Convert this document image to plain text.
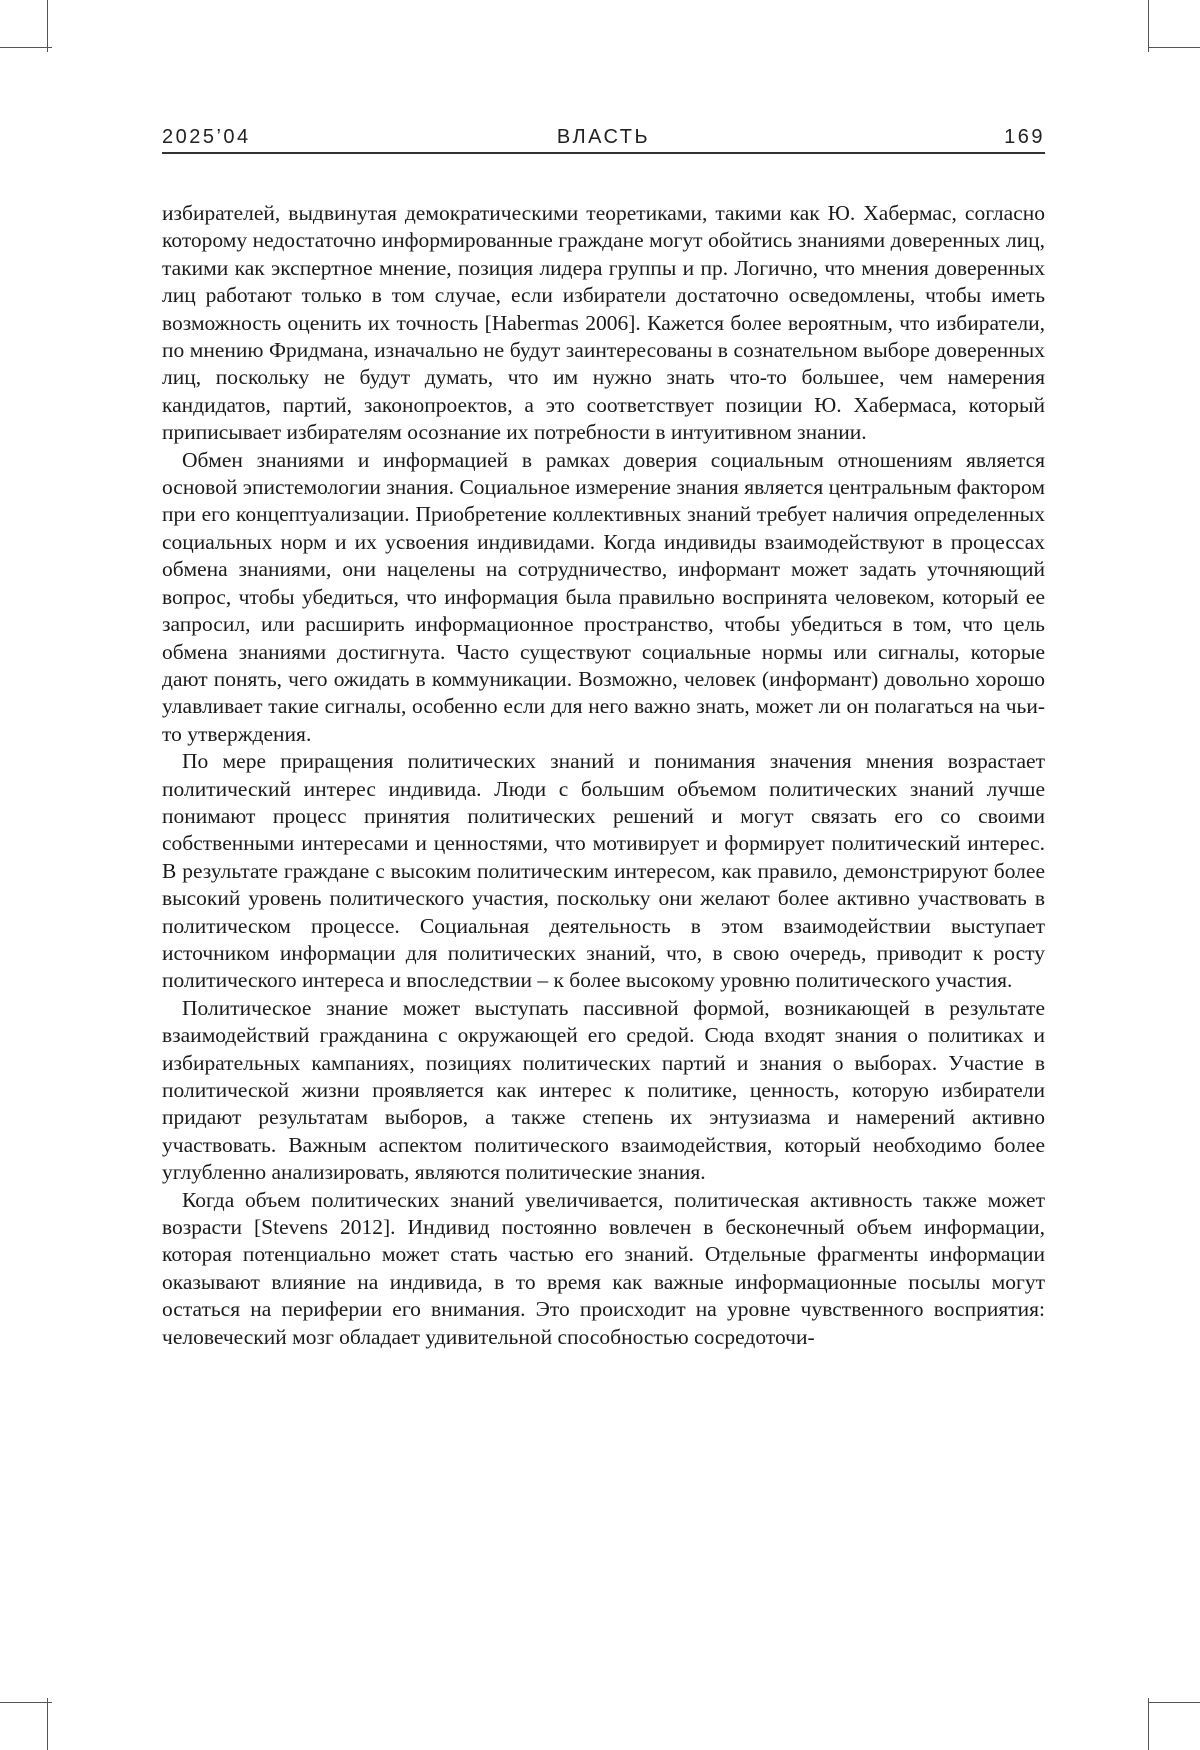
2025’04	ВЛАСТЬ	169

избирателей, выдвинутая демократическими теоретиками, такими как Ю. Хабермас, согласно которому недостаточно информированные граждане могут обойтись знаниями доверенных лиц, такими как экспертное мнение, позиция лидера группы и пр. Логично, что мнения доверенных лиц работают только в том случае, если избиратели достаточно осведомлены, чтобы иметь возможность оценить их точность [Habermas 2006]. Кажется более вероятным, что избиратели, по мнению Фридмана, изначально не будут заинтересованы в сознательном выборе доверенных лиц, поскольку не будут думать, что им нужно знать что-то большее, чем намерения кандидатов, партий, законопроектов, а это соответствует позиции Ю. Хабермаса, который приписывает избирателям осознание их потребности в интуитивном знании.

Обмен знаниями и информацией в рамках доверия социальным отношениям является основой эпистемологии знания. Социальное измерение знания является центральным фактором при его концептуализации. Приобретение коллективных знаний требует наличия определенных социальных норм и их усвоения индивидами. Когда индивиды взаимодействуют в процессах обмена знаниями, они нацелены на сотрудничество, информант может задать уточняющий вопрос, чтобы убедиться, что информация была правильно воспринята человеком, который ее запросил, или расширить информационное пространство, чтобы убедиться в том, что цель обмена знаниями достигнута. Часто существуют социальные нормы или сигналы, которые дают понять, чего ожидать в коммуникации. Возможно, человек (информант) довольно хорошо улавливает такие сигналы, особенно если для него важно знать, может ли он полагаться на чьи-то утверждения.

По мере приращения политических знаний и понимания значения мнения возрастает политический интерес индивида. Люди с большим объемом политических знаний лучше понимают процесс принятия политических решений и могут связать его со своими собственными интересами и ценностями, что мотивирует и формирует политический интерес. В результате граждане с высоким политическим интересом, как правило, демонстрируют более высокий уровень политического участия, поскольку они желают более активно участвовать в политическом процессе. Социальная деятельность в этом взаимодействии выступает источником информации для политических знаний, что, в свою очередь, приводит к росту политического интереса и впоследствии – к более высокому уровню политического участия.

Политическое знание может выступать пассивной формой, возникающей в результате взаимодействий гражданина с окружающей его средой. Сюда входят знания о политиках и избирательных кампаниях, позициях политических партий и знания о выборах. Участие в политической жизни проявляется как интерес к политике, ценность, которую избиратели придают результатам выборов, а также степень их энтузиазма и намерений активно участвовать. Важным аспектом политического взаимодействия, который необходимо более углубленно анализировать, являются политические знания.

Когда объем политических знаний увеличивается, политическая активность также может возрасти [Stevens 2012]. Индивид постоянно вовлечен в бесконечный объем информации, которая потенциально может стать частью его знаний. Отдельные фрагменты информации оказывают влияние на индивида, в то время как важные информационные посылы могут остаться на периферии его внимания. Это происходит на уровне чувственного восприятия: человеческий мозг обладает удивительной способностью сосредоточи-
